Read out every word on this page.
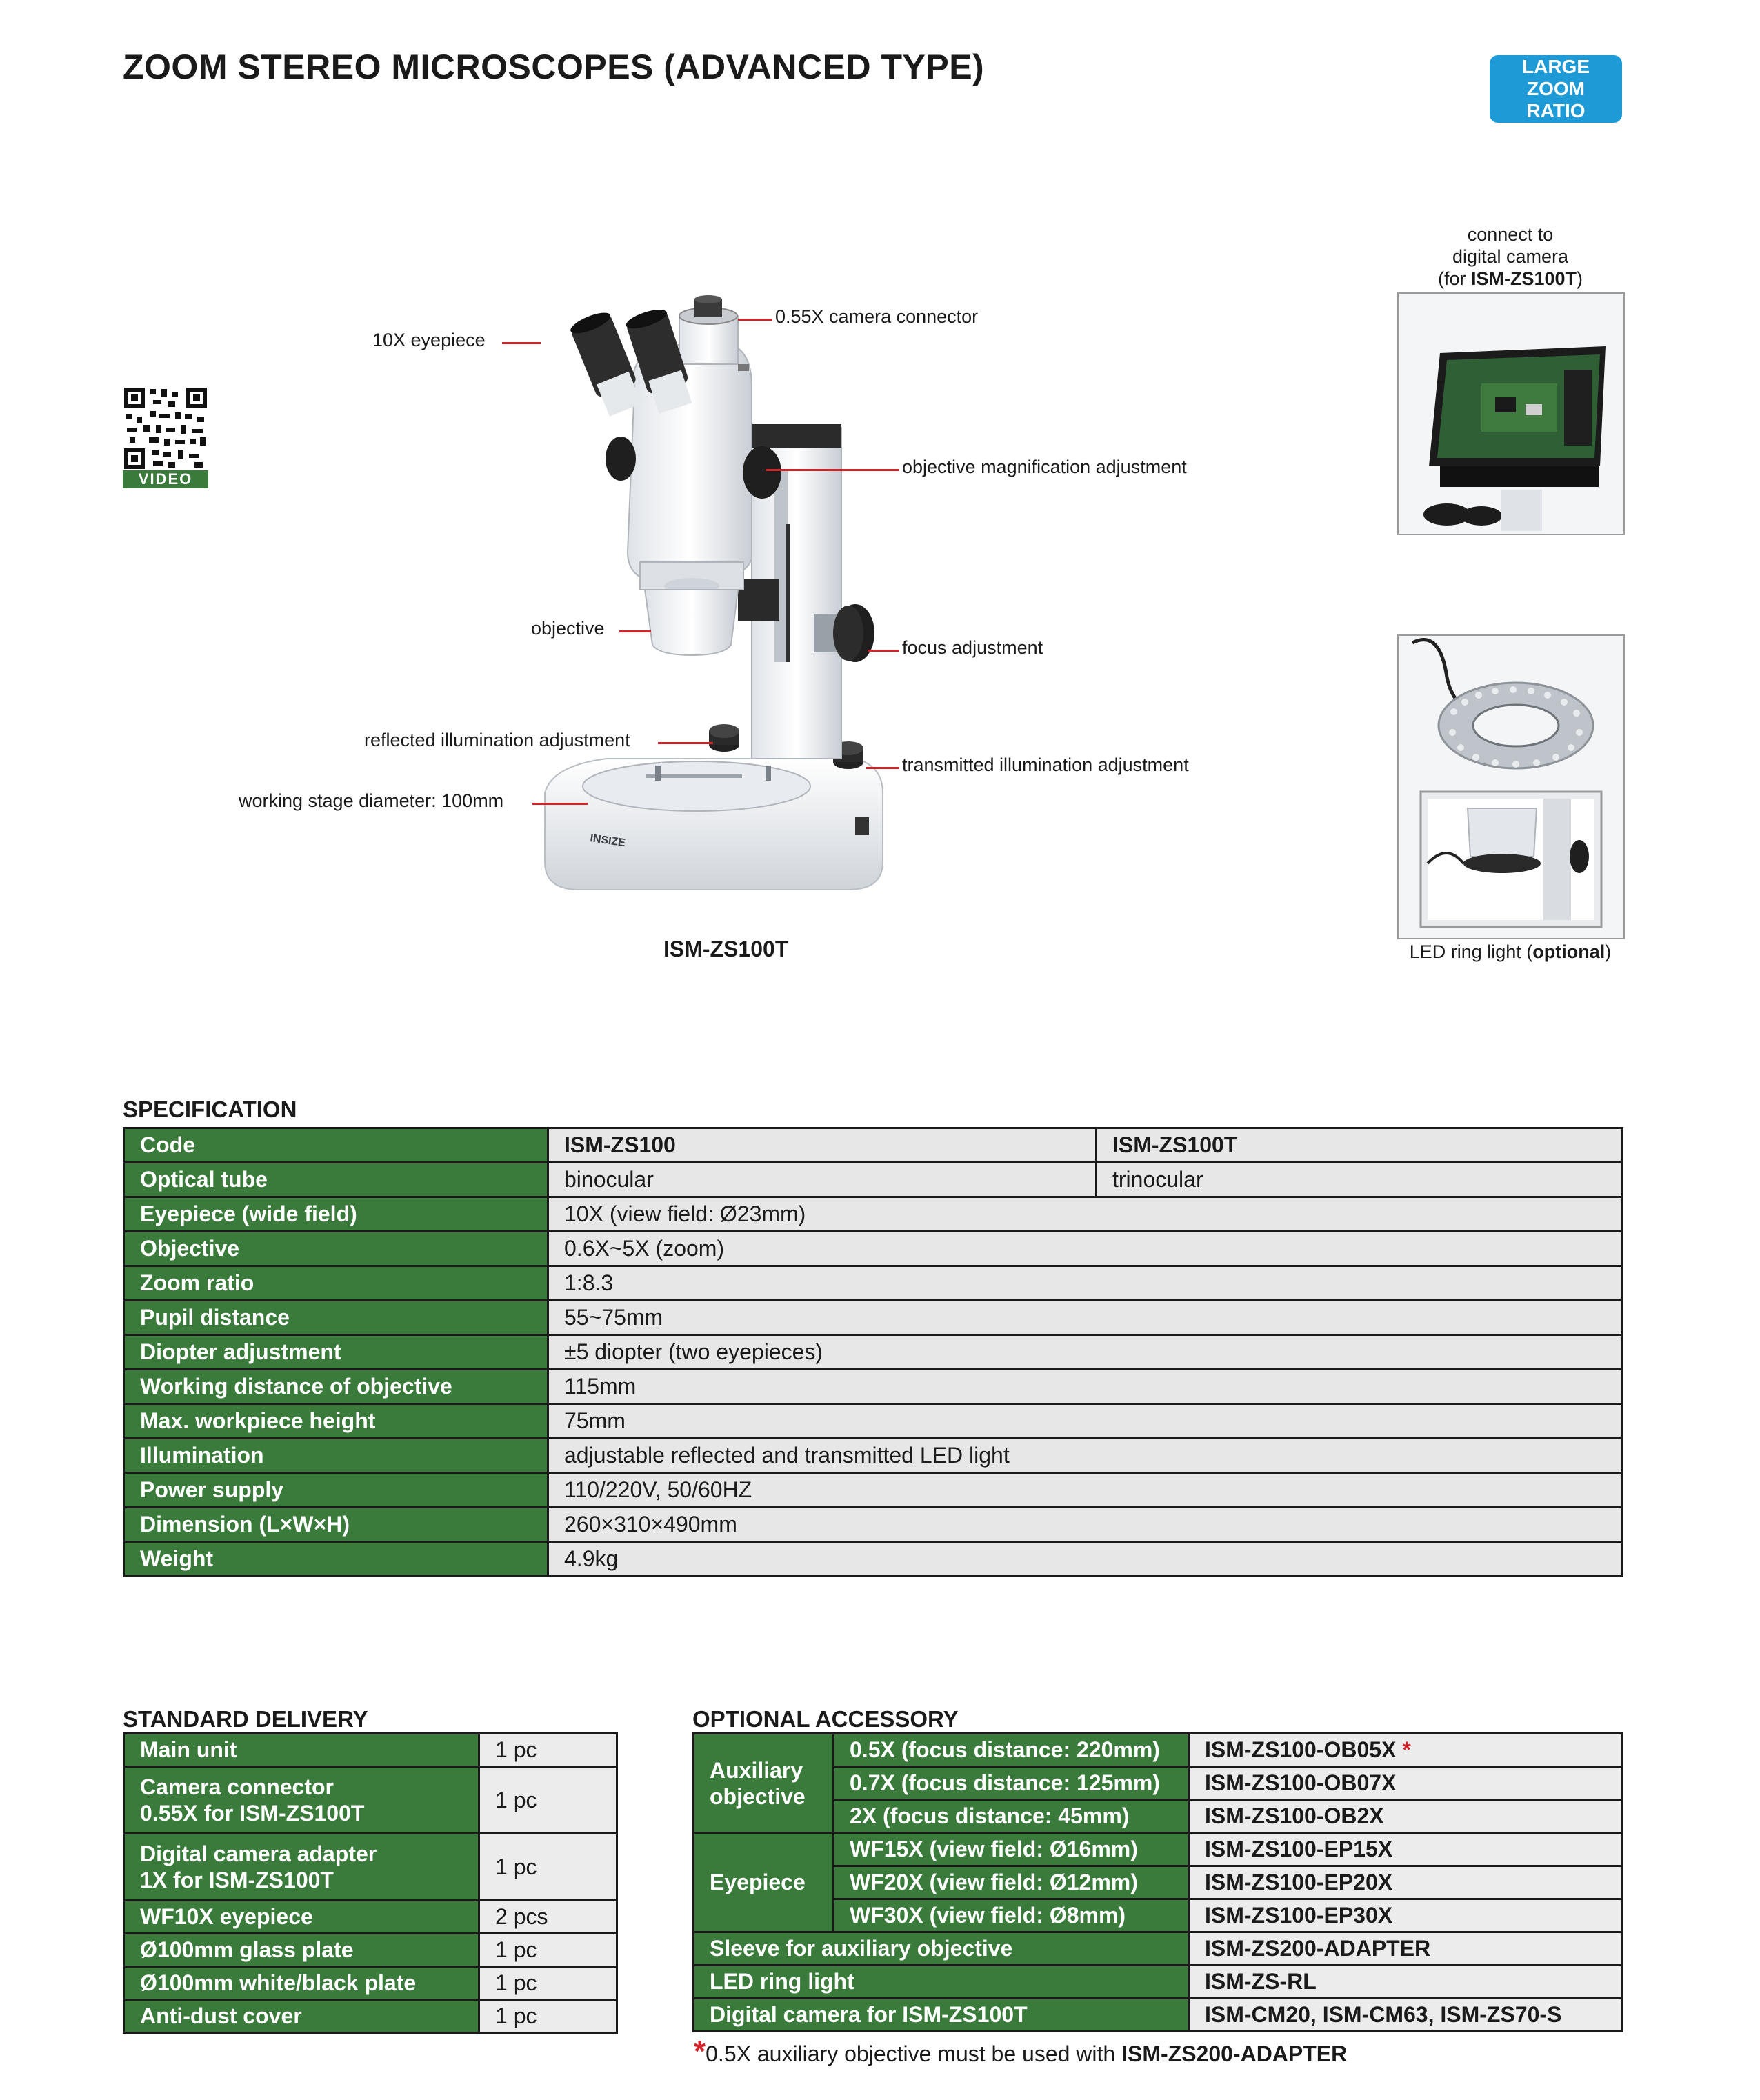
ZOOM STEREO MICROSCOPES (ADVANCED TYPE)	LARGE ZOOM RATIO
VIDEO
INSIZE
10X eyepiece
0.55X camera connector
objective magnification adjustment
objective
focus adjustment
reflected illumination adjustment
transmitted illumination adjustment
working stage diameter: 100mm
ISM-ZS100T
connect to
digital camera
(for ISM-ZS100T)
LED ring light (optional)
SPECIFICATION
Code	ISM-ZS100	ISM-ZS100T
Optical tube	binocular	trinocular
Eyepiece (wide field)	10X (view field: Ø23mm)	
Objective	0.6X~5X (zoom)	
Zoom ratio	1:8.3	
Pupil distance	55~75mm	
Diopter adjustment	±5 diopter (two eyepieces)	
Working distance of objective	115mm	
Max. workpiece height	75mm	
Illumination	adjustable reflected and transmitted LED light	
Power supply	110/220V, 50/60HZ	
Dimension (L×W×H)	260×310×490mm	
Weight	4.9kg	
STANDARD DELIVERY
Main unit	1 pc

Camera connector
0.55X for ISM-ZS100T	1 pc

Digital camera adapter
1X for ISM-ZS100T	1 pc
WF10X eyepiece	2 pcs
Ø100mm glass plate	1 pc
Ø100mm white/black plate	1 pc
Anti-dust cover	1 pc
OPTIONAL ACCESSORY
Auxiliary
objective	0.5X (focus distance: 220mm)	ISM-ZS100-OB05X *
	0.7X (focus distance: 125mm)	ISM-ZS100-OB07X
	2X (focus distance: 45mm)	ISM-ZS100-OB2X
Eyepiece	WF15X (view field: Ø16mm)	ISM-ZS100-EP15X
	WF20X (view field: Ø12mm)	ISM-ZS100-EP20X
	WF30X (view field: Ø8mm)	ISM-ZS100-EP30X
Sleeve for auxiliary objective		ISM-ZS200-ADAPTER
LED ring light		ISM-ZS-RL
Digital camera for ISM-ZS100T		ISM-CM20, ISM-CM63, ISM-ZS70-S
*0.5X auxiliary objective must be used with ISM-ZS200-ADAPTER
